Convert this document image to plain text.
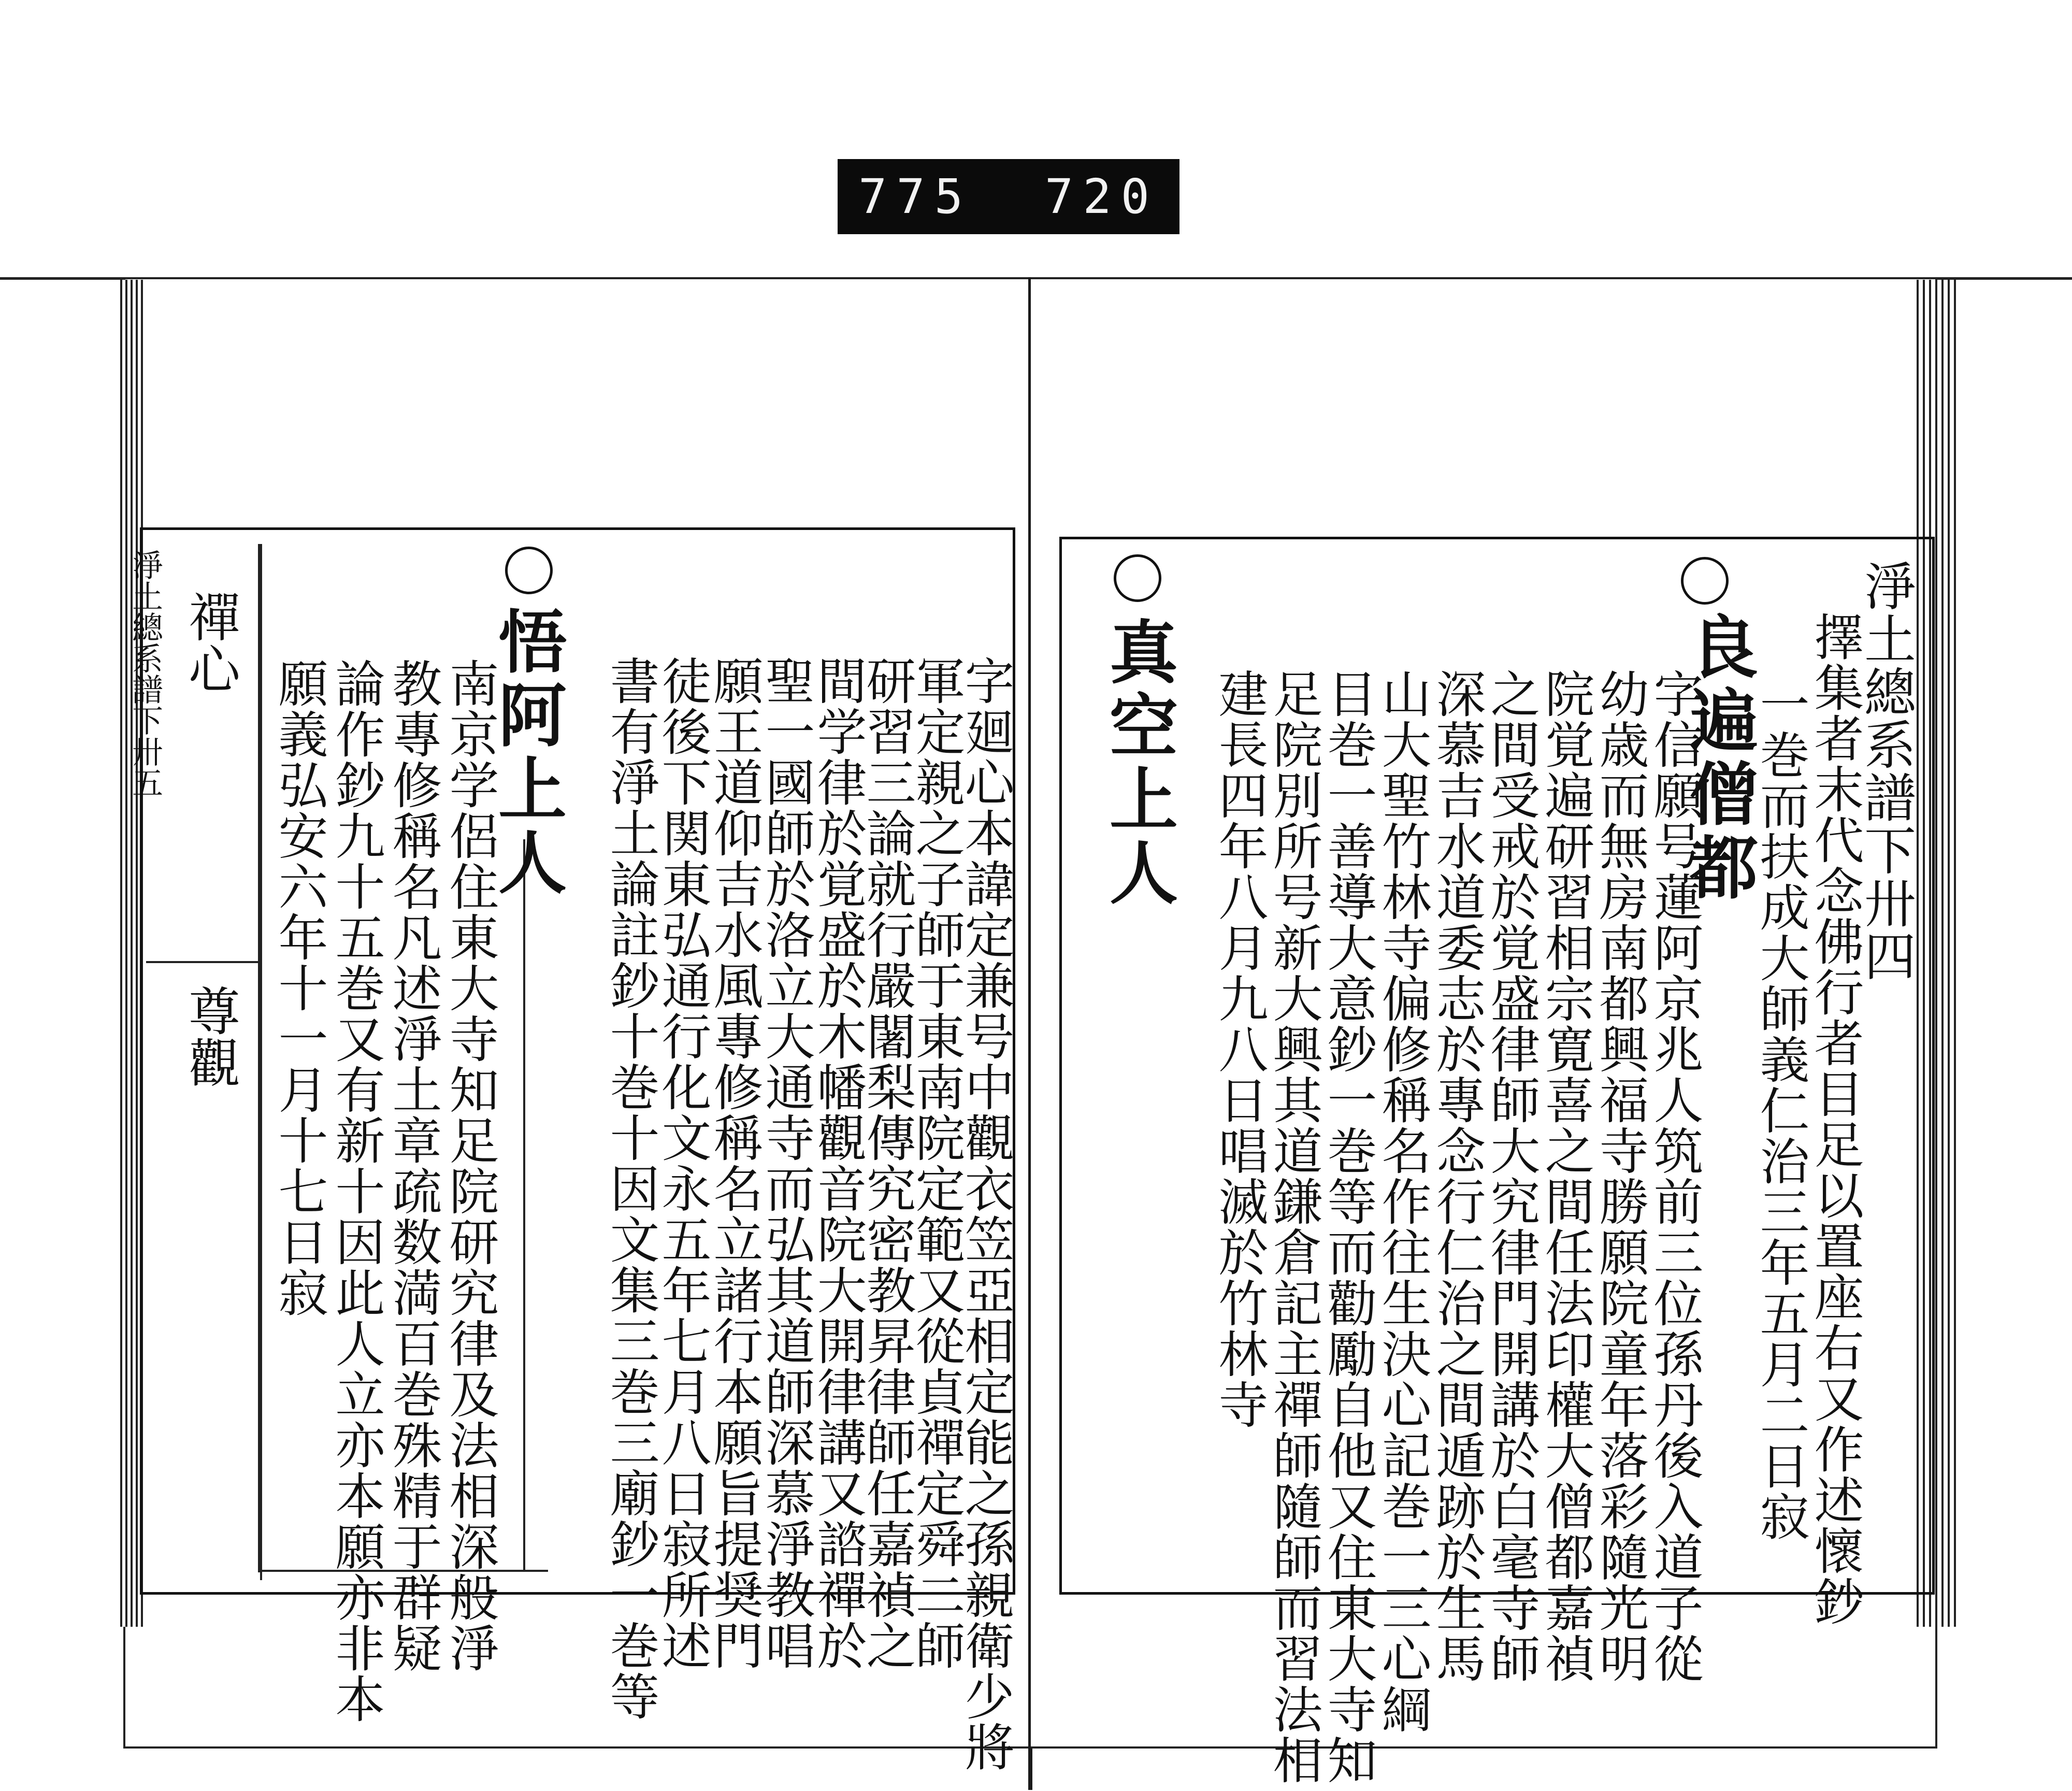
775 720
淨土總系譜下卅五 禪心
尊觀 願義弘安六年十一月十七日寂
論作鈔九十五巻又有新十因此人立亦本願亦非本
教專修稱名凡述淨土章疏数満百巻殊精于群疑
南京学侶住東大寺知足院研究律及法相深般淨
悟阿上人 書有淨土論註鈔十巻十因文集三巻三廟鈔一巻等
徒後下関東弘通行化文永五年七月八日寂所述
願王道仰吉水風專修稱名立諸行本願旨提奨門
聖一國師於洛立大通寺而弘其道師深慕淨教唱
間学律於覚盛於木幡觀音院大開律講又諮禪於
研習三論就行嚴闍梨傳究密教昇律師任嘉禎之
軍定親之子師于東南院定範又從貞禪定舜二師
字廻心本諱定兼号中觀衣笠亞相定能之孫親衛少將 真空上人 建長四年八月九八日唱滅於竹林寺
足院別所号新大興其道鎌倉記主禪師隨師而習法相
目巻一善導大意鈔一巻等而勸勵自他又住東大寺知
山大聖竹林寺偏修稱名作往生決心記巻一三心綱
深慕吉水道委志於專念行仁治之間遁跡於生馬
之間受戒於覚盛律師大究律門開講於白毫寺師
院覚遍研習相宗寛喜之間任法印權大僧都嘉禎
幼歳而無房南都興福寺勝願院童年落彩隨光明
字信願号蓮阿京兆人筑前三位孫丹後入道子從
良遍僧都
一巻而扶成大師義仁治三年五月二日寂
擇集者末代念佛行者目足以置座右又作述懷鈔
淨土總系譜下卅四
